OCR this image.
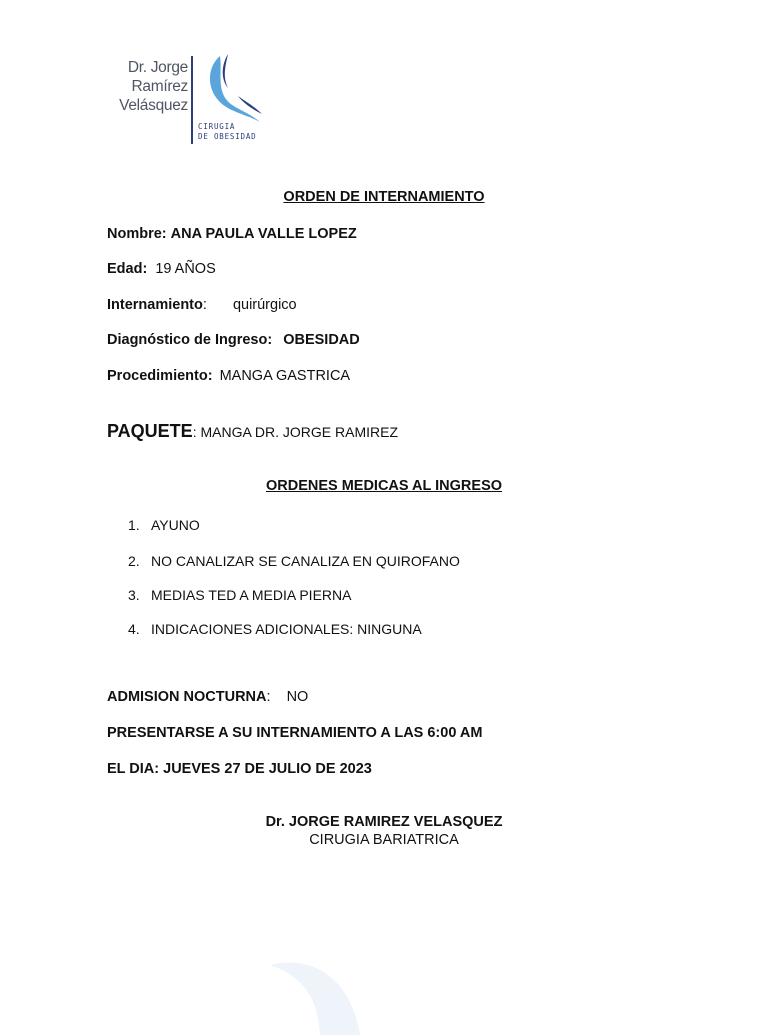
Dr. Jorge
Ramírez
Velásquez
CIRUGIA
DE OBESIDAD
ORDEN DE INTERNAMIENTO
Nombre: ANA PAULA VALLE LOPEZ
Edad: 19 AÑOS
Internamiento: quirúrgico
Diagnóstico de Ingreso: OBESIDAD
Procedimiento: MANGA GASTRICA
PAQUETE: MANGA DR. JORGE RAMIREZ
ORDENES MEDICAS AL INGRESO
1. AYUNO
2. NO CANALIZAR SE CANALIZA EN QUIROFANO
3. MEDIAS TED A MEDIA PIERNA
4. INDICACIONES ADICIONALES: NINGUNA
ADMISION NOCTURNA: NO
PRESENTARSE A SU INTERNAMIENTO A LAS 6:00 AM
EL DIA: JUEVES 27 DE JULIO DE 2023
Dr. JORGE RAMIREZ VELASQUEZ
CIRUGIA BARIATRICA
